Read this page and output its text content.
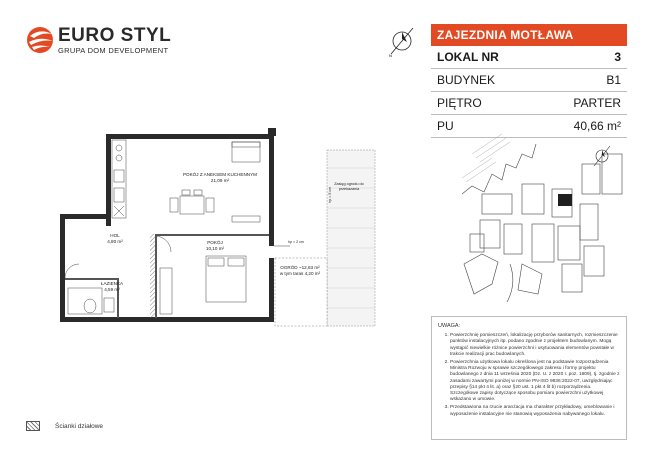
EURO STYL
GRUPA DOM DEVELOPMENT
N
ZAJEZDNIA MOTŁAWA
LOKAL NR	3
BUDYNEK	B1
PIĘTRO	PARTER
PU	40,66 m²
POKÓJ Z ANEKSEM KUCHENNYM
21,09 m²
HOL
4,80 m²	POKÓJ
10,10 m²
ŁAZIENKA
4,59 m²
OGRÓD ~12,63 m²
w tym taras 4,20 m²
Zasięg ogrodu do przekazania
hp = 5 cm
hp = 2 cm
UWAGA:
1. Powierzchnię pomieszczeń, lokalizację przyborów sanitarnych, rozmieszczenie punktów instalacyjnych itp. podano zgodnie z projektem budowlanym. Mogą wystąpić niewielkie różnice powierzchni i usytuowania elementów powstałe w trakcie realizacji prac budowlanych.
2. Powierzchnia użytkowa lokalu określona jest na podstawie rozporządzenia Ministra Rozwoju w sprawie szczegółowego zakresu i formy projektu budowlanego z dnia 11 września 2020 (Dz. U. z 2020 r. poz. 1609), tj. zgodnie z zasadami zawartymi poniżej w normie PN-ISO 9836:2022-07, uwzględniając przepisy §14 pkt 4 lit. a) oraz §20 ust. 1 pkt 4 lit b) rozporządzenia. Szczegółowe zapisy dotyczące sposobu pomiaru powierzchni użytkowej wskazano w umowie.
3. Przedstawiona na rzucie aranżacja ma charakter przykładowy, umeblowanie i wyposażenie instalacyjne nie stanowią wyposażenia nabywanego lokalu.
Ścianki działowe
